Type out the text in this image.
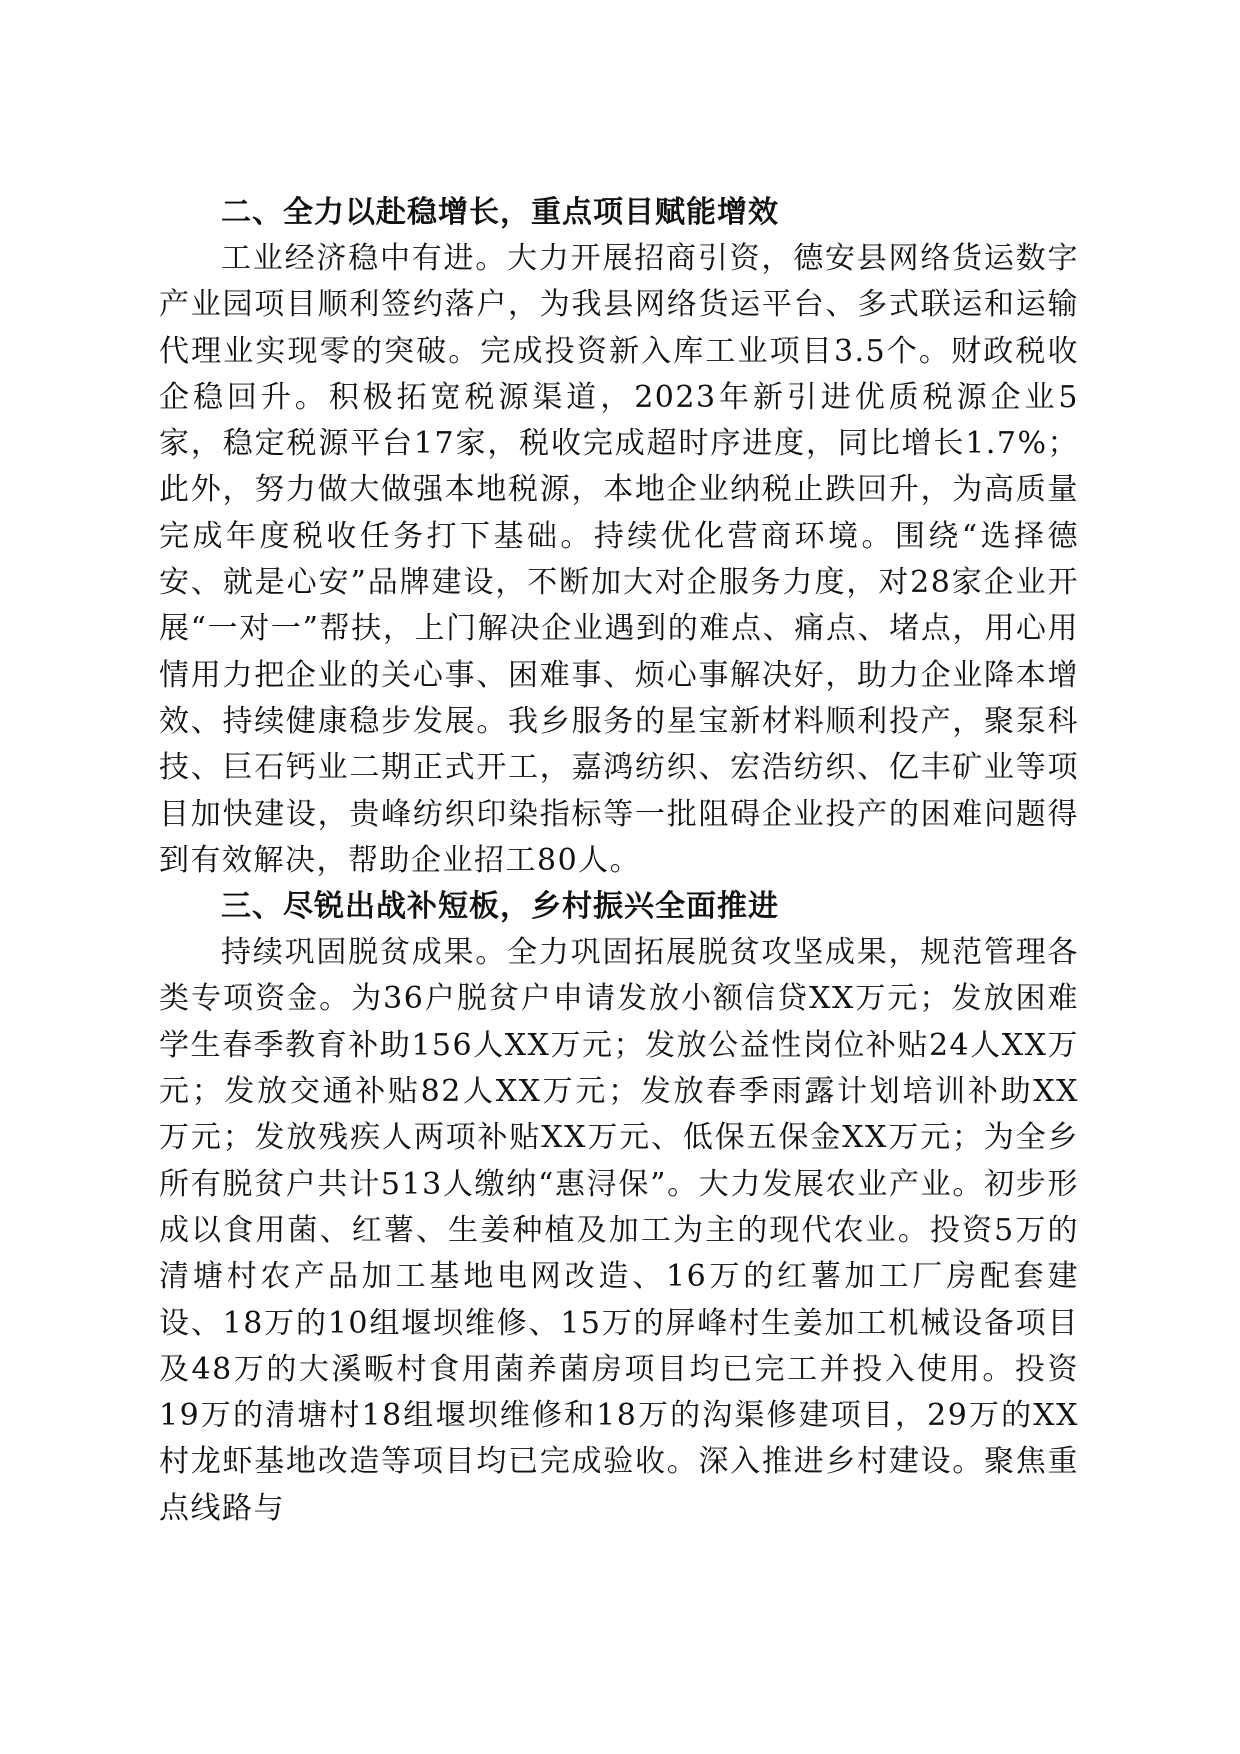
二、全力以赴稳增长，重点项目赋能增效

工业经济稳中有进。大力开展招商引资，德安县网络货运数字产业园项目顺利签约落户，为我县网络货运平台、多式联运和运输代理业实现零的突破。完成投资新入库工业项目3.5个。财政税收企稳回升。积极拓宽税源渠道，2023年新引进优质税源企业5家，稳定税源平台17家，税收完成超时序进度，同比增长1.7%；此外，努力做大做强本地税源，本地企业纳税止跌回升，为高质量完成年度税收任务打下基础。持续优化营商环境。围绕“选择德安、就是心安”品牌建设，不断加大对企服务力度，对28家企业开展“一对一”帮扶，上门解决企业遇到的难点、痛点、堵点，用心用情用力把企业的关心事、困难事、烦心事解决好，助力企业降本增效、持续健康稳步发展。我乡服务的星宝新材料顺利投产，聚泵科技、巨石钙业二期正式开工，嘉鸿纺织、宏浩纺织、亿丰矿业等项目加快建设，贵峰纺织印染指标等一批阻碍企业投产的困难问题得到有效解决，帮助企业招工80人。

三、尽锐出战补短板，乡村振兴全面推进

持续巩固脱贫成果。全力巩固拓展脱贫攻坚成果，规范管理各类专项资金。为36户脱贫户申请发放小额信贷XX万元；发放困难学生春季教育补助156人XX万元；发放公益性岗位补贴24人XX万元；发放交通补贴82人XX万元；发放春季雨露计划培训补助XX万元；发放残疾人两项补贴XX万元、低保五保金XX万元；为全乡所有脱贫户共计513人缴纳“惠浔保”。大力发展农业产业。初步形成以食用菌、红薯、生姜种植及加工为主的现代农业。投资5万的清塘村农产品加工基地电网改造、16万的红薯加工厂房配套建设、18万的10组堰坝维修、15万的屏峰村生姜加工机械设备项目及48万的大溪畈村食用菌养菌房项目均已完工并投入使用。投资19万的清塘村18组堰坝维修和18万的沟渠修建项目，29万的XX村龙虾基地改造等项目均已完成验收。深入推进乡村建设。聚焦重点线路与
